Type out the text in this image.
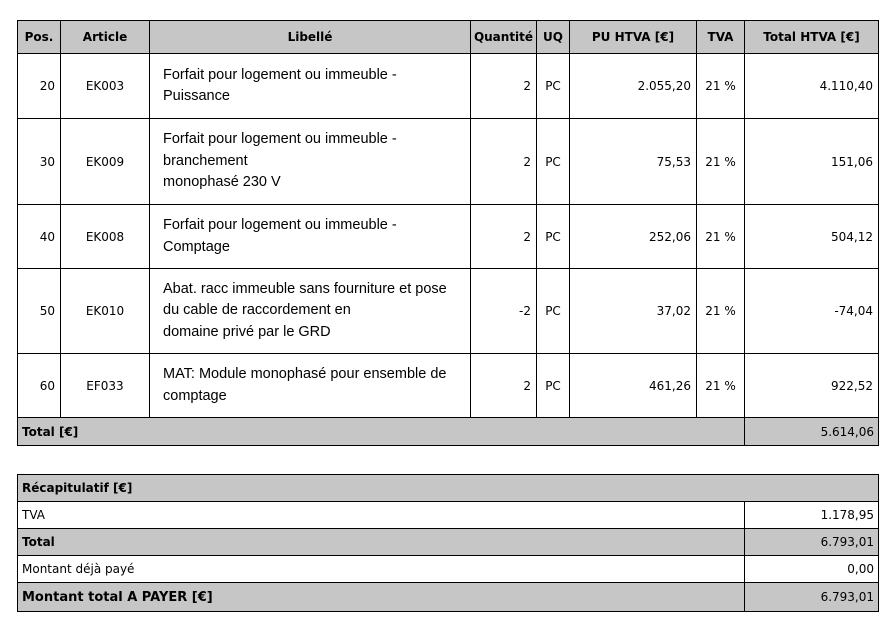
Pos.	Article	Libellé	Quantité	UQ	PU HTVA [€]	TVA	Total HTVA [€]
20	EK003	Forfait pour logement ou immeuble -
Puissance	2	PC	2.055,20	21 %	4.110,40
30	EK009	Forfait pour logement ou immeuble -
branchement
monophasé 230 V	2	PC	75,53	21 %	151,06
40	EK008	Forfait pour logement ou immeuble -
Comptage	2	PC	252,06	21 %	504,12
50	EK010	Abat. racc immeuble sans fourniture et pose
du cable de raccordement en
domaine privé par le GRD	-2	PC	37,02	21 %	-74,04
60	EF033	MAT: Module monophasé pour ensemble de
comptage	2	PC	461,26	21 %	922,52
Total [€]							5.614,06
Récapitulatif [€]	
TVA	1.178,95
Total	6.793,01
Montant déjà payé	0,00
Montant total A PAYER [€]	6.793,01
